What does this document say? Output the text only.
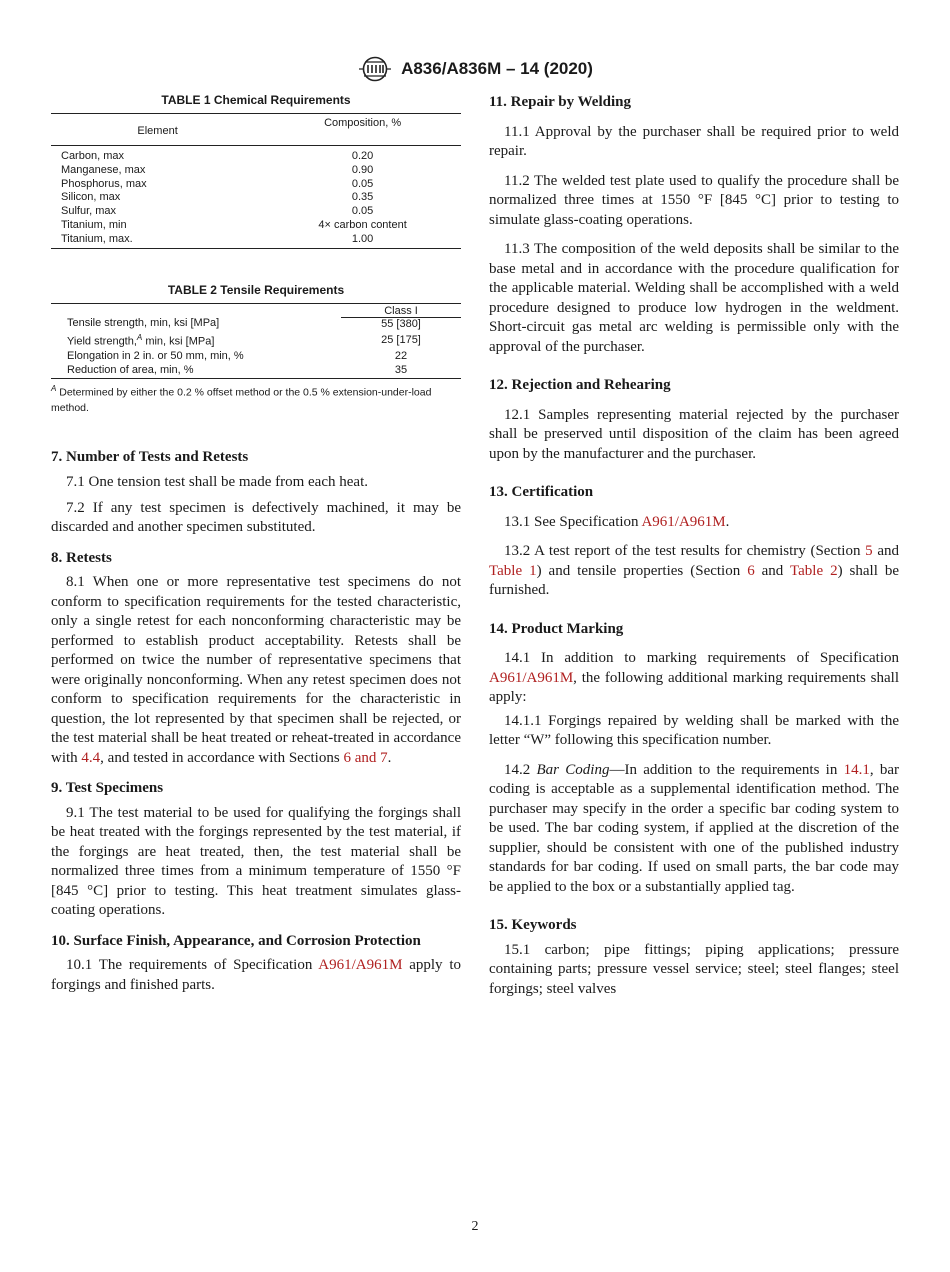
A836/A836M – 14 (2020)
TABLE 1 Chemical Requirements
Element	Composition, %
Carbon, max	0.20
Manganese, max	0.90
Phosphorus, max	0.05
Silicon, max	0.35
Sulfur, max	0.05
Titanium, min	4× carbon content
Titanium, max.	1.00
TABLE 2 Tensile Requirements
	Class I
Tensile strength, min, ksi [MPa]	55 [380]
Yield strength,$^A$ min, ksi [MPa]	25 [175]
Elongation in 2 in. or 50 mm, min, %	22
Reduction of area, min, %	35
$^A$ Determined by either the 0.2 % offset method or the 0.5 % extension-under-load method.
7. Number of Tests and Retests

7.1 One tension test shall be made from each heat.

7.2 If any test specimen is defectively machined, it may be discarded and another specimen substituted.

8. Retests

8.1 When one or more representative test specimens do not conform to specification requirements for the tested characteristic, only a single retest for each nonconforming characteristic may be performed to establish product acceptability. Retests shall be performed on twice the number of representative specimens that were originally nonconforming. When any retest specimen does not conform to specification requirements for the characteristic in question, the lot represented by that specimen shall be rejected, or the test material shall be heat treated or reheat-treated in accordance with 4.4, and tested in accordance with Sections 6 and 7.

9. Test Specimens

9.1 The test material to be used for qualifying the forgings shall be heat treated with the forgings represented by the test material, if the forgings are heat treated, then, the test material shall be normalized three times from a minimum temperature of 1550 °F [845 °C] prior to testing. This heat treatment simulates glass-coating operations.

10. Surface Finish, Appearance, and Corrosion Protection

10.1 The requirements of Specification A961/A961M apply to forgings and finished parts.

11. Repair by Welding

11.1 Approval by the purchaser shall be required prior to weld repair.

11.2 The welded test plate used to qualify the procedure shall be normalized three times at 1550 °F [845 °C] prior to testing to simulate glass-coating operations.

11.3 The composition of the weld deposits shall be similar to the base metal and in accordance with the procedure qualification for the applicable material. Welding shall be accomplished with a weld procedure designed to produce low hydrogen in the weldment. Short-circuit gas metal arc welding is permissible only with the approval of the purchaser.

12. Rejection and Rehearing

12.1 Samples representing material rejected by the purchaser shall be preserved until disposition of the claim has been agreed upon by the manufacturer and the purchaser.

13. Certification

13.1 See Specification A961/A961M.

13.2 A test report of the test results for chemistry (Section 5 and Table 1) and tensile properties (Section 6 and Table 2) shall be furnished.

14. Product Marking

14.1 In addition to marking requirements of Specification A961/A961M, the following additional marking requirements shall apply:

14.1.1 Forgings repaired by welding shall be marked with the letter “W” following this specification number.

14.2 Bar Coding—In addition to the requirements in 14.1, bar coding is acceptable as a supplemental identification method. The purchaser may specify in the order a specific bar coding system to be used. The bar coding system, if applied at the discretion of the supplier, should be consistent with one of the published industry standards for bar coding. If used on small parts, the bar code may be applied to the box or a substantially applied tag.

15. Keywords

15.1 carbon; pipe fittings; piping applications; pressure containing parts; pressure vessel service; steel; steel flanges; steel forgings; steel valves

2
